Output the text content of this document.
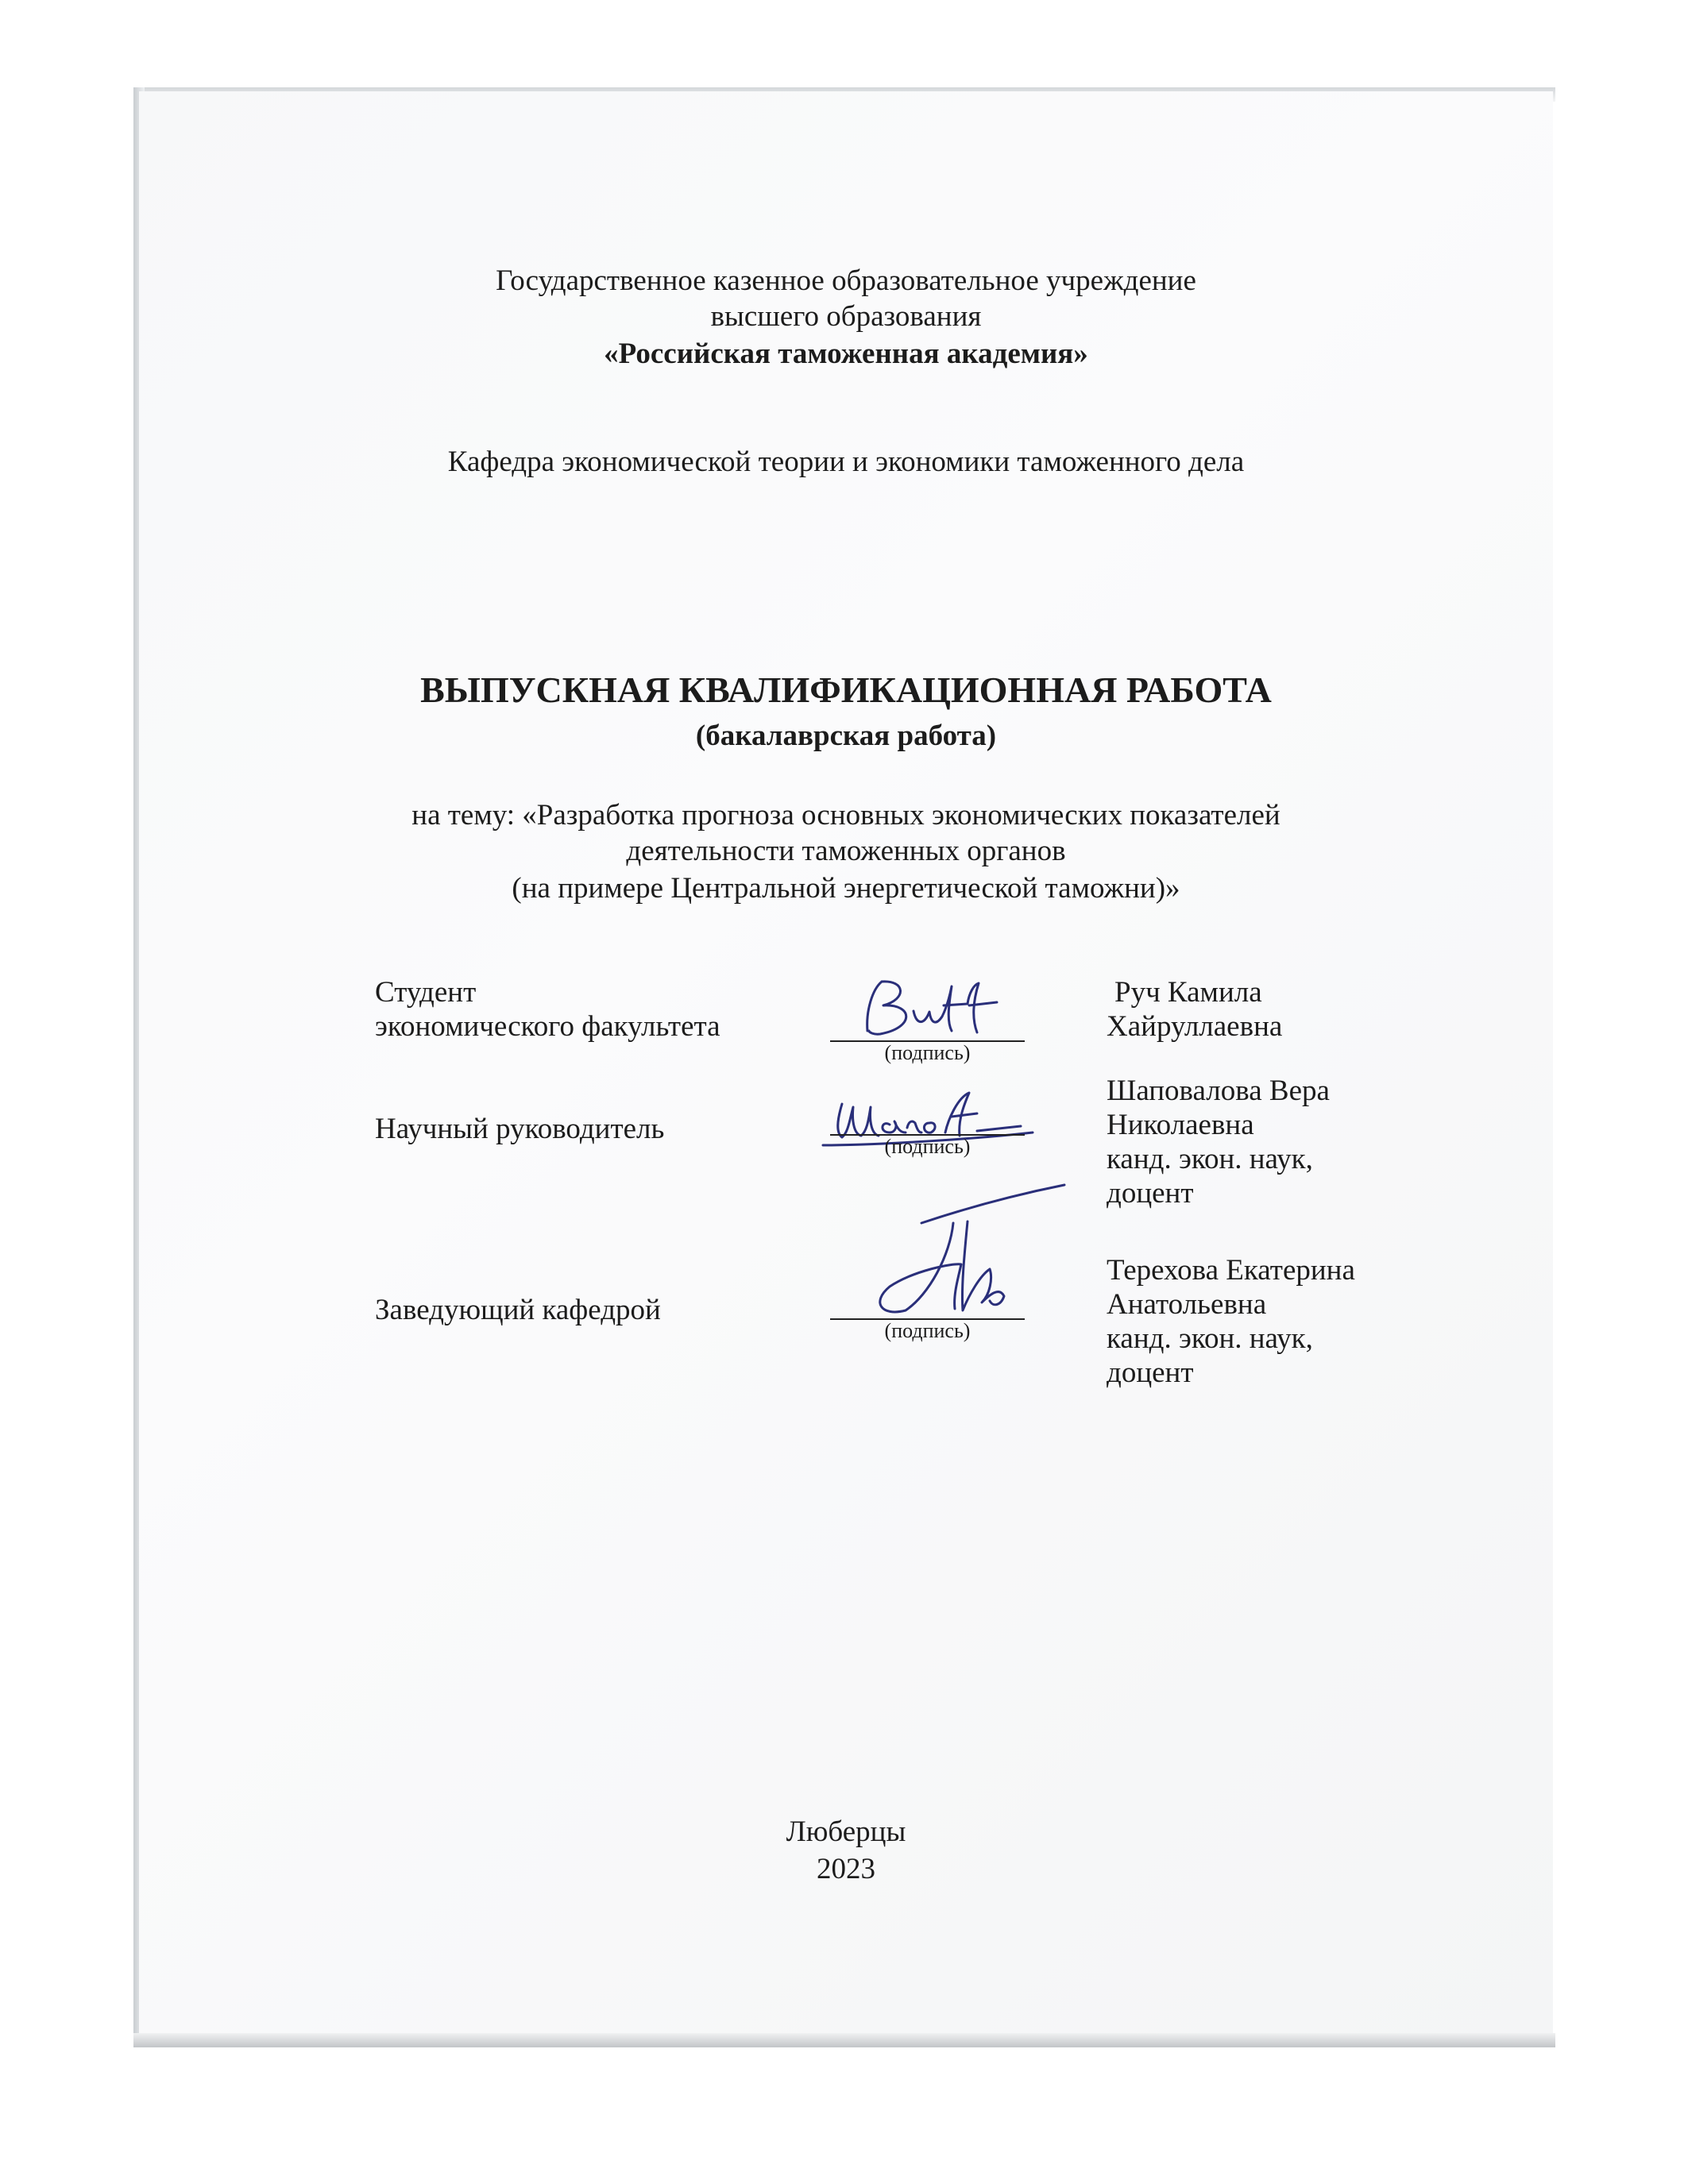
Государственное казенное образовательное учреждение
высшего образования
«Российская таможенная академия»
Кафедра экономической теории и экономики таможенного дела
ВЫПУСКНАЯ КВАЛИФИКАЦИОННАЯ РАБОТА
(бакалаврская работа)
на тему: «Разработка прогноза основных экономических показателей
деятельности таможенных органов
(на примере Центральной энергетической таможни)»
Студент
экономического факультета
(подпись)
Руч Камила
Хайруллаевна
Научный руководитель
(подпись)
Шаповалова Вера
Николаевна
канд. экон. наук,
доцент
Заведующий кафедрой
(подпись)
Терехова Екатерина
Анатольевна
канд. экон. наук,
доцент
Люберцы
2023
